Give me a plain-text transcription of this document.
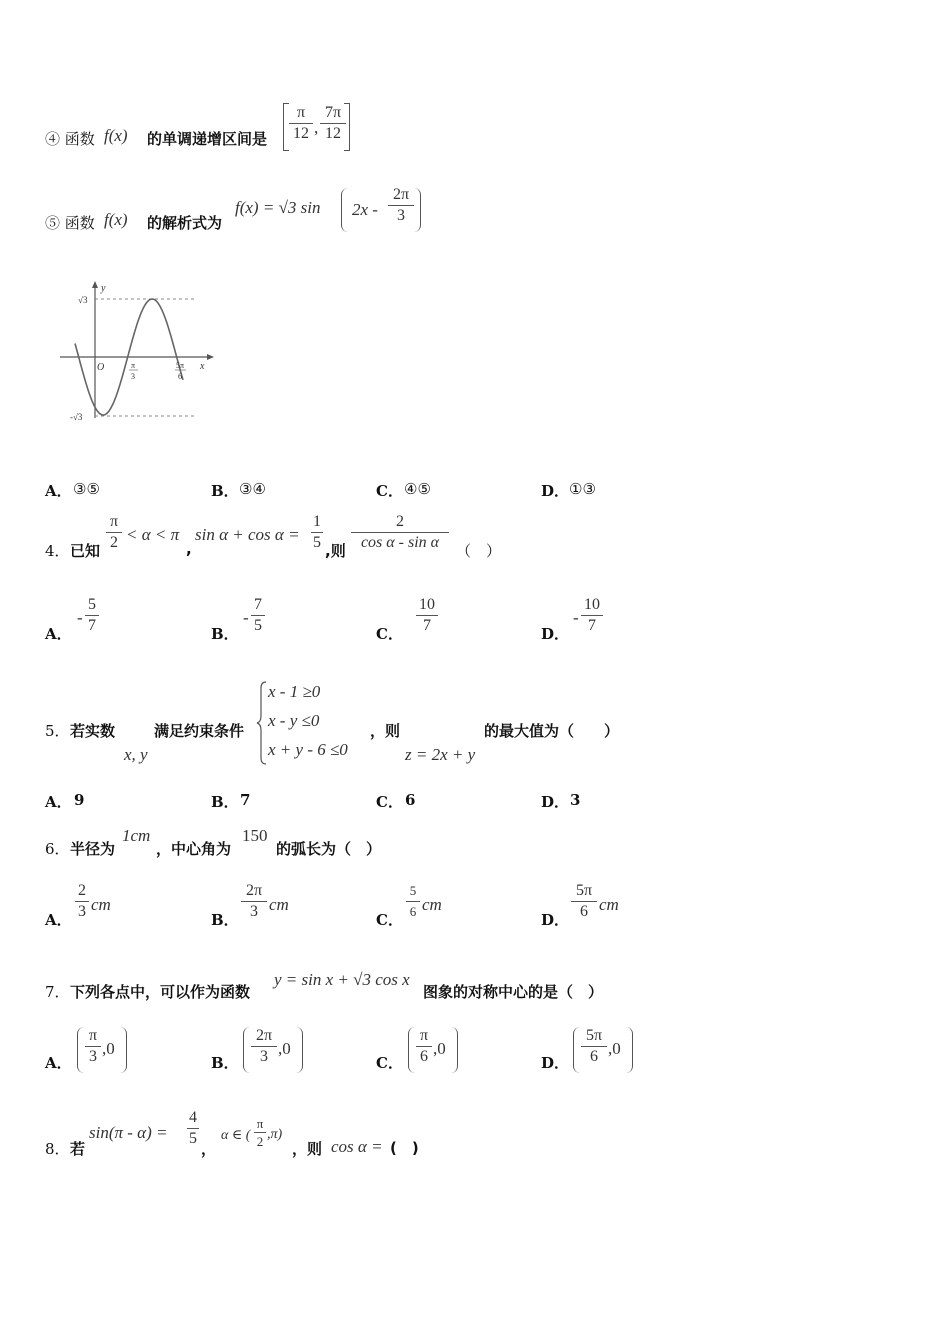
④ 函数 f(x) 的单调递增区间是
π
12 ,
7π
12
⑤ 函数 f(x) 的解析式为
f(x) = √3 sin 2x -
2π
3
y
x
O
√3
-√3
π
3
5π
6
A． ③⑤	B． ③④	C． ④⑤	D． ①③
4． 已知
π
2 < α < π
,
sin α + cos α =
1
5 ,则
2
cos α - sin α	（　）
A．
-
5
7	B．
-
7
5	C．
10
7	D．
-
10
7
5． 若实数
x, y
满足约束条件
x - 1 ≥0
x - y ≤0
x + y - 6 ≤0
，则
z = 2x + y
的最大值为（　　）
A． 9	B． 7	C． 6	D． 3
6． 半径为
1cm
，中心角为
150
的弧长为（　）
A．
2
3 cm
B．
2π
3 cm
C．
5
6 cm
D．
5π
6 cm
7． 下列各点中，可以作为函数
y = sin x + √3 cos x
图象的对称中心的是（　）
A．
π
3 ,0
B．
2π
3 ,0
C．
π
6 ,0
D．
5π
6 ,0
8． 若
sin(π - α) =
4
5
，
α ∈ (
π
2 ,π)
，则 cos α = (　)
